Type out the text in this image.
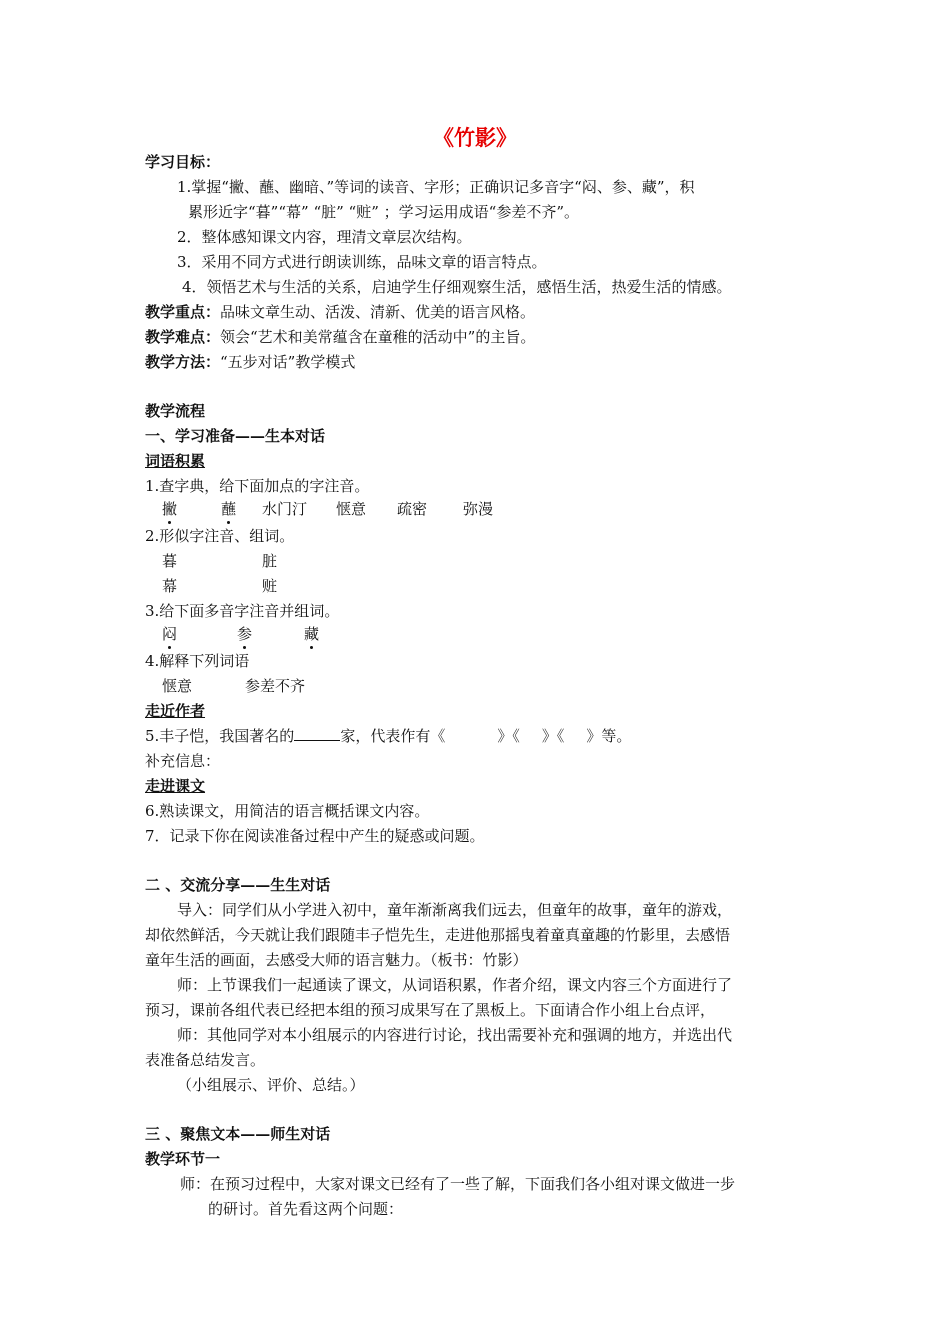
《竹影》
学习目标：
1.掌握“撇、蘸、幽暗、”等词的读音、字形；正确识记多音字“闷、参、藏”，积
累形近字“暮”“幕” “脏” “赃” ；学习运用成语“参差不齐”。
2．整体感知课文内容，理清文章层次结构。
3．采用不同方式进行朗读训练，品味文章的语言特点。
4．领悟艺术与生活的关系，启迪学生仔细观察生活，感悟生活，热爱生活的情感。
教学重点：品味文章生动、活泼、清新、优美的语言风格。
教学难点：领会“艺术和美常蕴含在童稚的活动中”的主旨。
教学方法：“五步对话”教学模式
教学流程
一、学习准备——生本对话
词语积累
1.查字典，给下面加点的字注音。
撇	蘸 水门汀 惬意 疏密 弥漫
2.形似字注音、组词。
暮	脏
幕	赃
3.给下面多音字注音并组词。
闷	参	藏
4.解释下列词语
惬意	参差不齐
走近作者
5.丰子恺，我国著名的	家，代表作有《	》《 》《 》等。
补充信息：
走进课文
6.熟读课文，用简洁的语言概括课文内容。
7．记录下你在阅读准备过程中产生的疑惑或问题。
二 、交流分享——生生对话
导入：同学们从小学进入初中，童年渐渐离我们远去，但童年的故事，童年的游戏，
却依然鲜活，今天就让我们跟随丰子恺先生，走进他那摇曳着童真童趣的竹影里，去感悟
童年生活的画面，去感受大师的语言魅力。（板书：竹影）
师：上节课我们一起通读了课文，从词语积累，作者介绍，课文内容三个方面进行了
预习，课前各组代表已经把本组的预习成果写在了黑板上。下面请合作小组上台点评，
师：其他同学对本小组展示的内容进行讨论，找出需要补充和强调的地方，并选出代
表准备总结发言。
（小组展示、评价、总结。）
三 、聚焦文本——师生对话
教学环节一
师：在预习过程中，大家对课文已经有了一些了解，下面我们各小组对课文做进一步
的研讨。首先看这两个问题：
